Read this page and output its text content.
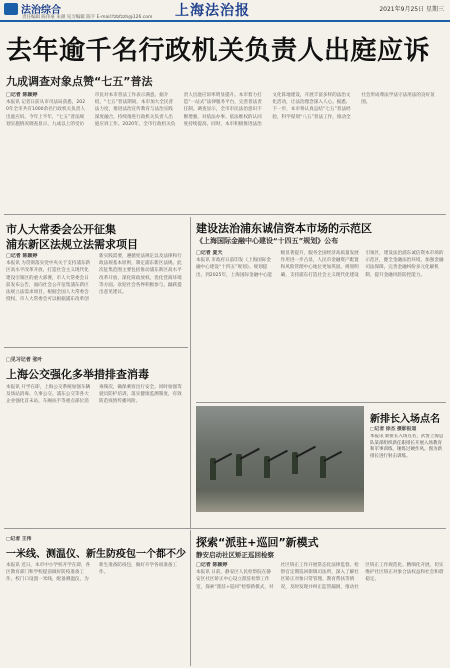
法治综合
责任编辑 陈伟豪 朱颜 见习编辑 陈宇 E-mail:fzbfzzh@126.com 上海法治报	2021年9月25日 星期三
去年逾千名行政机关负责人出庭应诉
九成调查对象点赞“七五”普法
□记者 陈颖婷
本报讯 记者日前从市司法局获悉，2020年全市共有1000余名行政机关负责人出庭应诉。今年上半年，“七五”普法规划实施情况调查显示，九成以上的受访市民对本市普法工作表示满意。据介绍，“七五”普法期间，本市加大全民普法力度，推进法治宣传教育与法治实践深度融合，持续推进行政机关负责人出庭应诉工作。2020年，全市行政机关负责人出庭应诉率明显提升。本市着力打造“一站式”法律服务平台，完善普法责任制。调查显示，全市市民法治意识不断增强，对依法办事、依法维权的认同度持续提高。同时，本市积极推进法治文化阵地建设，开展丰富多样的法治文化活动，让法治理念深入人心。据悉，下一步，本市将认真总结“七五”普法经验，科学谋划“八五”普法工作，推动全社会形成尊法学法守法用法的良好氛围。
市人大常委会公开征集
浦东新区法规立法需求项目
□记者 陈颖婷
本报讯 为贯彻落实党中央关于支持浦东新区高水平改革开放、打造社会主义现代化建设引领区的重大部署，市人大常委会日前发布公告，面向社会公开征集浦东新区法规立法需求项目。根据全国人大常委会授权，市人大常委会可以根据浦东改革创新实践需要，遵循宪法规定以及法律和行政法规基本原则，制定浦东新区法规。此次征集范围主要包括推动浦东新区高水平改革开放、深化简政放权、优化营商环境等方面。欢迎社会各界积极参与，踊跃提出意见建议。
□见习记者 张叶
上海公交强化多举措排查消毒
本报讯 开学在即，上海公交系统加强车辆及场站消毒。久事公交、浦东公交等各大企业强化首末站、车厢扶手等重点部位消毒频次，确保乘客出行安全。同时加强驾驶员防护培训，落实健康监测制度，有效防范疫情传播风险。
建设法治浦东诚信资本市场的示范区
《上海国际金融中心建设“十四五”规划》公布
□记者 夏天
本报讯 市政府日前印发《上海国际金融中心建设“十四五”规划》。规划提出，到2025年，上海国际金融中心能级显著提升，服务全国经济高质量发展作用进一步凸显，人民币金融资产配置和风险管理中心地位更加巩固。规划明确，支持浦东打造社会主义现代化建设引领区，建设法治浦东诚信资本市场的示范区，健全金融法治环境，加强金融司法保障，完善金融纠纷多元化解机制，提升金融风险防控能力。
新排长入场点名
□记者 徐杰 摄影报道
本报讯 新排长入场点名，武警上海总队某部组织新任职排长开展入场教育和军事训练，锤炼过硬作风。图为新排长进行射击训练。
□记者 王伟
一米线、测温仪、新生防疫包一个都不少
本报讯 近日，本市中小学校开学在即，各区教育部门和学校提前做好防疫准备工作。校门口设置一米线，配备测温仪，为新生准备防疫包，做好开学各项准备工作。
探索“派驻+巡回”新模式
静安启动社区矫正巡回检察
□记者 陈颖婷
本报讯 日前，静安区人民检察院在静安区社区矫正中心设立派驻检察工作室，探索“派驻+巡回”检察新模式，对社区矫正工作开展常态化法律监督。检察官定期巡回街镇司法所，深入了解社区矫正对象日常管理、教育帮扶等情况，及时发现并纠正监管漏洞，推动社区矫正工作规范化、精细化开展，切实维护社区矫正对象合法权益和社会和谐稳定。
